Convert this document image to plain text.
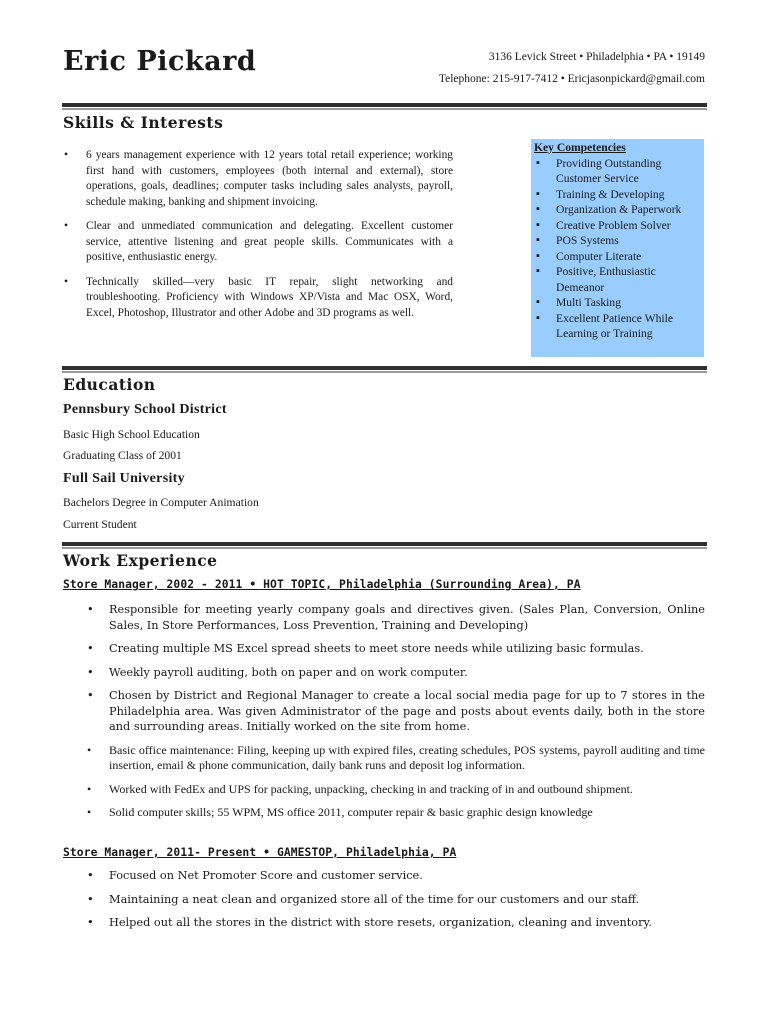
Eric Pickard	3136 Levick Street • Philadelphia • PA • 19149
Telephone: 215-917-7412 • Ericjasonpickard@gmail.com
Skills & Interests
• 6 years management experience with 12 years total retail experience; working first hand with customers, employees (both internal and external), store operations, goals, deadlines; computer tasks including sales analysts, payroll, schedule making, banking and shipment invoicing.
• Clear and unmediated communication and delegating. Excellent customer service, attentive listening and great people skills. Communicates with a positive, enthusiastic energy.
• Technically skilled—very basic IT repair, slight networking and troubleshooting. Proficiency with Windows XP/Vista and Mac OSX, Word, Excel, Photoshop, Illustrator and other Adobe and 3D programs as well.
Key Competencies
▪ Providing Outstanding Customer Service
▪ Training & Developing
▪ Organization & Paperwork
▪ Creative Problem Solver
▪ POS Systems
▪ Computer Literate
▪ Positive, Enthusiastic Demeanor
▪ Multi Tasking
▪ Excellent Patience While Learning or Training
Education
Pennsbury School District

Basic High School Education

Graduating Class of 2001

Full Sail University

Bachelors Degree in Computer Animation

Current Student

Work Experience

Store Manager, 2002 - 2011 • HOT TOPIC, Philadelphia (Surrounding Area), PA

• Responsible for meeting yearly company goals and directives given. (Sales Plan, Conversion, Online Sales, In Store Performances, Loss Prevention, Training and Developing)
• Creating multiple MS Excel spread sheets to meet store needs while utilizing basic formulas.
• Weekly payroll auditing, both on paper and on work computer.
• Chosen by District and Regional Manager to create a local social media page for up to 7 stores in the Philadelphia area. Was given Administrator of the page and posts about events daily, both in the store and surrounding areas. Initially worked on the site from home.
• Basic office maintenance: Filing, keeping up with expired files, creating schedules, POS systems, payroll auditing and time insertion, email & phone communication, daily bank runs and deposit log information.
• Worked with FedEx and UPS for packing, unpacking, checking in and tracking of in and outbound shipment.
• Solid computer skills; 55 WPM, MS office 2011, computer repair & basic graphic design knowledge

Store Manager, 2011- Present • GAMESTOP, Philadelphia, PA

• Focused on Net Promoter Score and customer service.
• Maintaining a neat clean and organized store all of the time for our customers and our staff.
• Helped out all the stores in the district with store resets, organization, cleaning and inventory.
